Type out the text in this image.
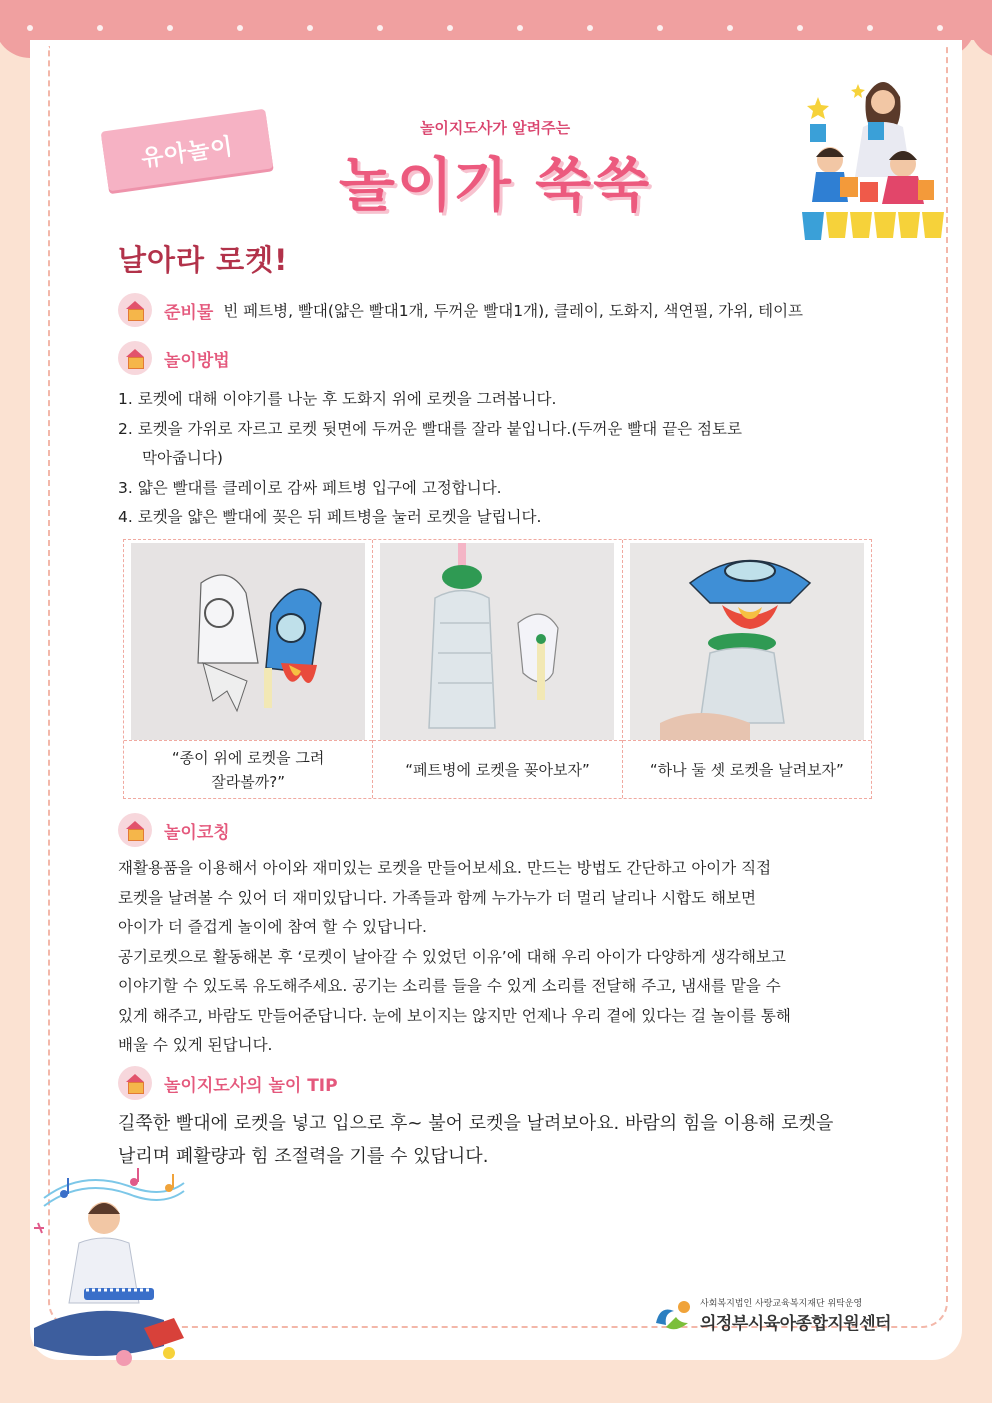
유아놀이
놀이지도사가 알려주는
놀이가 쑥쑥
날아라 로켓!
준비물 빈 페트병, 빨대(얇은 빨대1개, 두꺼운 빨대1개), 클레이, 도화지, 색연필, 가위, 테이프
놀이방법

1. 로켓에 대해 이야기를 나눈 후 도화지 위에 로켓을 그려봅니다.

2. 로켓을 가위로 자르고 로켓 뒷면에 두꺼운 빨대를 잘라 붙입니다.(두꺼운 빨대 끝은 점토로

막아줍니다)

3. 얇은 빨대를 클레이로 감싸 페트병 입구에 고정합니다.

4. 로켓을 얇은 빨대에 꽂은 뒤 페트병을 눌러 로켓을 날립니다.

“종이 위에 로켓을 그려
잘라볼까?”
“페트병에 로켓을 꽂아보자”	“하나 둘 셋 로켓을 날려보자”
놀이코칭

재활용품을 이용해서 아이와 재미있는 로켓을 만들어보세요. 만드는 방법도 간단하고 아이가 직접

로켓을 날려볼 수 있어 더 재미있답니다. 가족들과 함께 누가누가 더 멀리 날리나 시합도 해보면

아이가 더 즐겁게 놀이에 참여 할 수 있답니다.

공기로켓으로 활동해본 후 ‘로켓이 날아갈 수 있었던 이유’에 대해 우리 아이가 다양하게 생각해보고

이야기할 수 있도록 유도해주세요. 공기는 소리를 들을 수 있게 소리를 전달해 주고, 냄새를 맡을 수

있게 해주고, 바람도 만들어준답니다. 눈에 보이지는 않지만 언제나 우리 곁에 있다는 걸 놀이를 통해

배울 수 있게 된답니다.

놀이지도사의 놀이 TIP
길쭉한 빨대에 로켓을 넣고 입으로 후~ 불어 로켓을 날려보아요. 바람의 힘을 이용해 로켓을
날리며 폐활량과 힘 조절력을 기를 수 있답니다.
사회복지법인 사랑교육복지재단 위탁운영
의정부시육아종합지원센터
